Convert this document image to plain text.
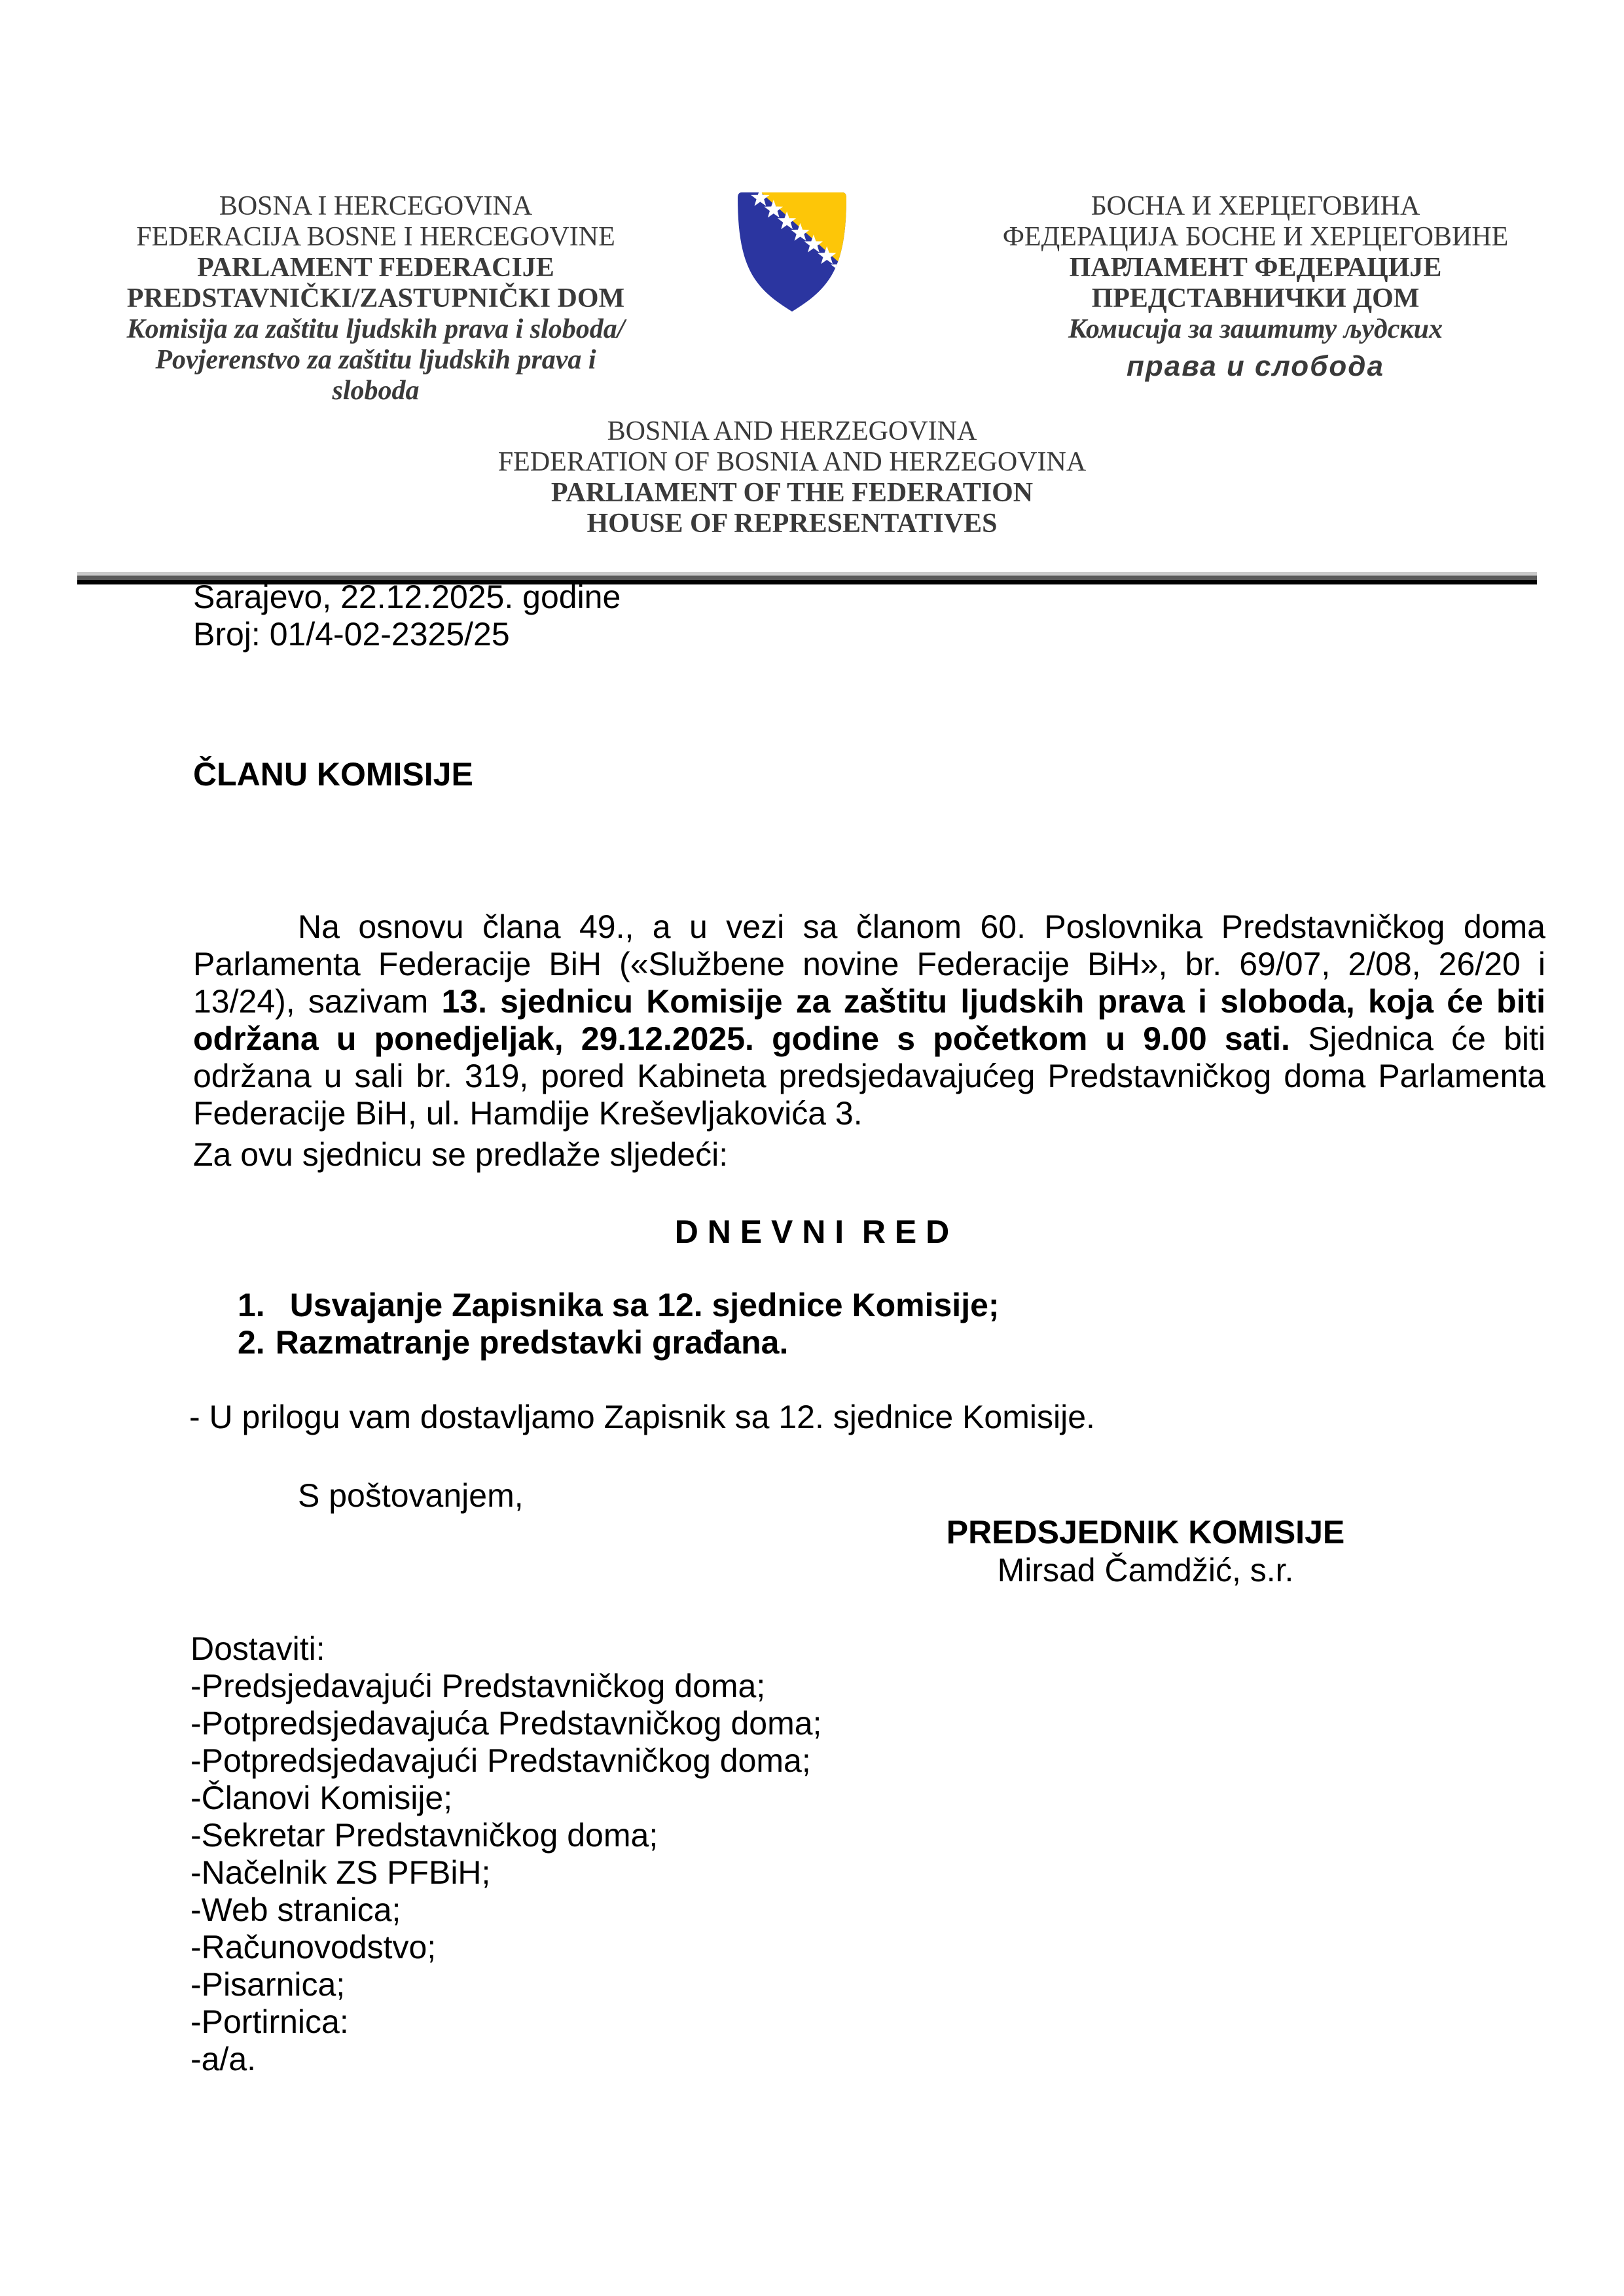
BOSNA I HERCEGOVINA
FEDERACIJA BOSNE I HERCEGOVINE
PARLAMENT FEDERACIJE
PREDSTAVNIČKI/ZASTUPNIČKI DOM
Komisija za zaštitu ljudskih prava i sloboda/
Povjerenstvo za zaštitu ljudskih prava i
sloboda
БОСНА И ХЕРЦЕГОВИНА
ФЕДЕРАЦИЈА БОСНЕ И ХЕРЦЕГОВИНЕ
ПАРЛАМЕНТ ФЕДЕРАЦИЈЕ
ПРЕДСТАВНИЧКИ ДОМ
Комисија за заштиту људских
права и слобода
BOSNIA AND HERZEGOVINA
FEDERATION OF BOSNIA AND HERZEGOVINA
PARLIAMENT OF THE FEDERATION
HOUSE OF REPRESENTATIVES
Sarajevo, 22.12.2025. godine
Broj: 01/4-02-2325/25
ČLANU KOMISIJE

Na osnovu člana 49., a u vezi sa članom 60. Poslovnika Predstavničkog doma Parlamenta Federacije BiH («Službene novine Federacije BiH», br. 69/07, 2/08, 26/20 i 13/24), sazivam 13. sjednicu Komisije za zaštitu ljudskih prava i sloboda, koja će biti održana u ponedjeljak, 29.12.2025. godine s početkom u 9.00 sati. Sjednica će biti održana u sali br. 319, pored Kabineta predsjedavajućeg Predstavničkog doma Parlamenta Federacije BiH, ul. Hamdije Kreševljakovića 3.

Za ovu sjednicu se predlaže sljedeći:

D N E V N I  R E D
1. Usvajanje Zapisnika sa 12. sjednice Komisije;
2. Razmatranje predstavki građana.

- U prilogu vam dostavljamo Zapisnik sa 12. sjednice Komisije.

S poštovanjem,

PREDSJEDNIK KOMISIJE
Mirsad Čamdžić, s.r.
Dostaviti:
-Predsjedavajući Predstavničkog doma;
-Potpredsjedavajuća Predstavničkog doma;
-Potpredsjedavajući Predstavničkog doma;
-Članovi Komisije;
-Sekretar Predstavničkog doma;
-Načelnik ZS PFBiH;
-Web stranica;
-Računovodstvo;
-Pisarnica;
-Portirnica:
-a/a.
